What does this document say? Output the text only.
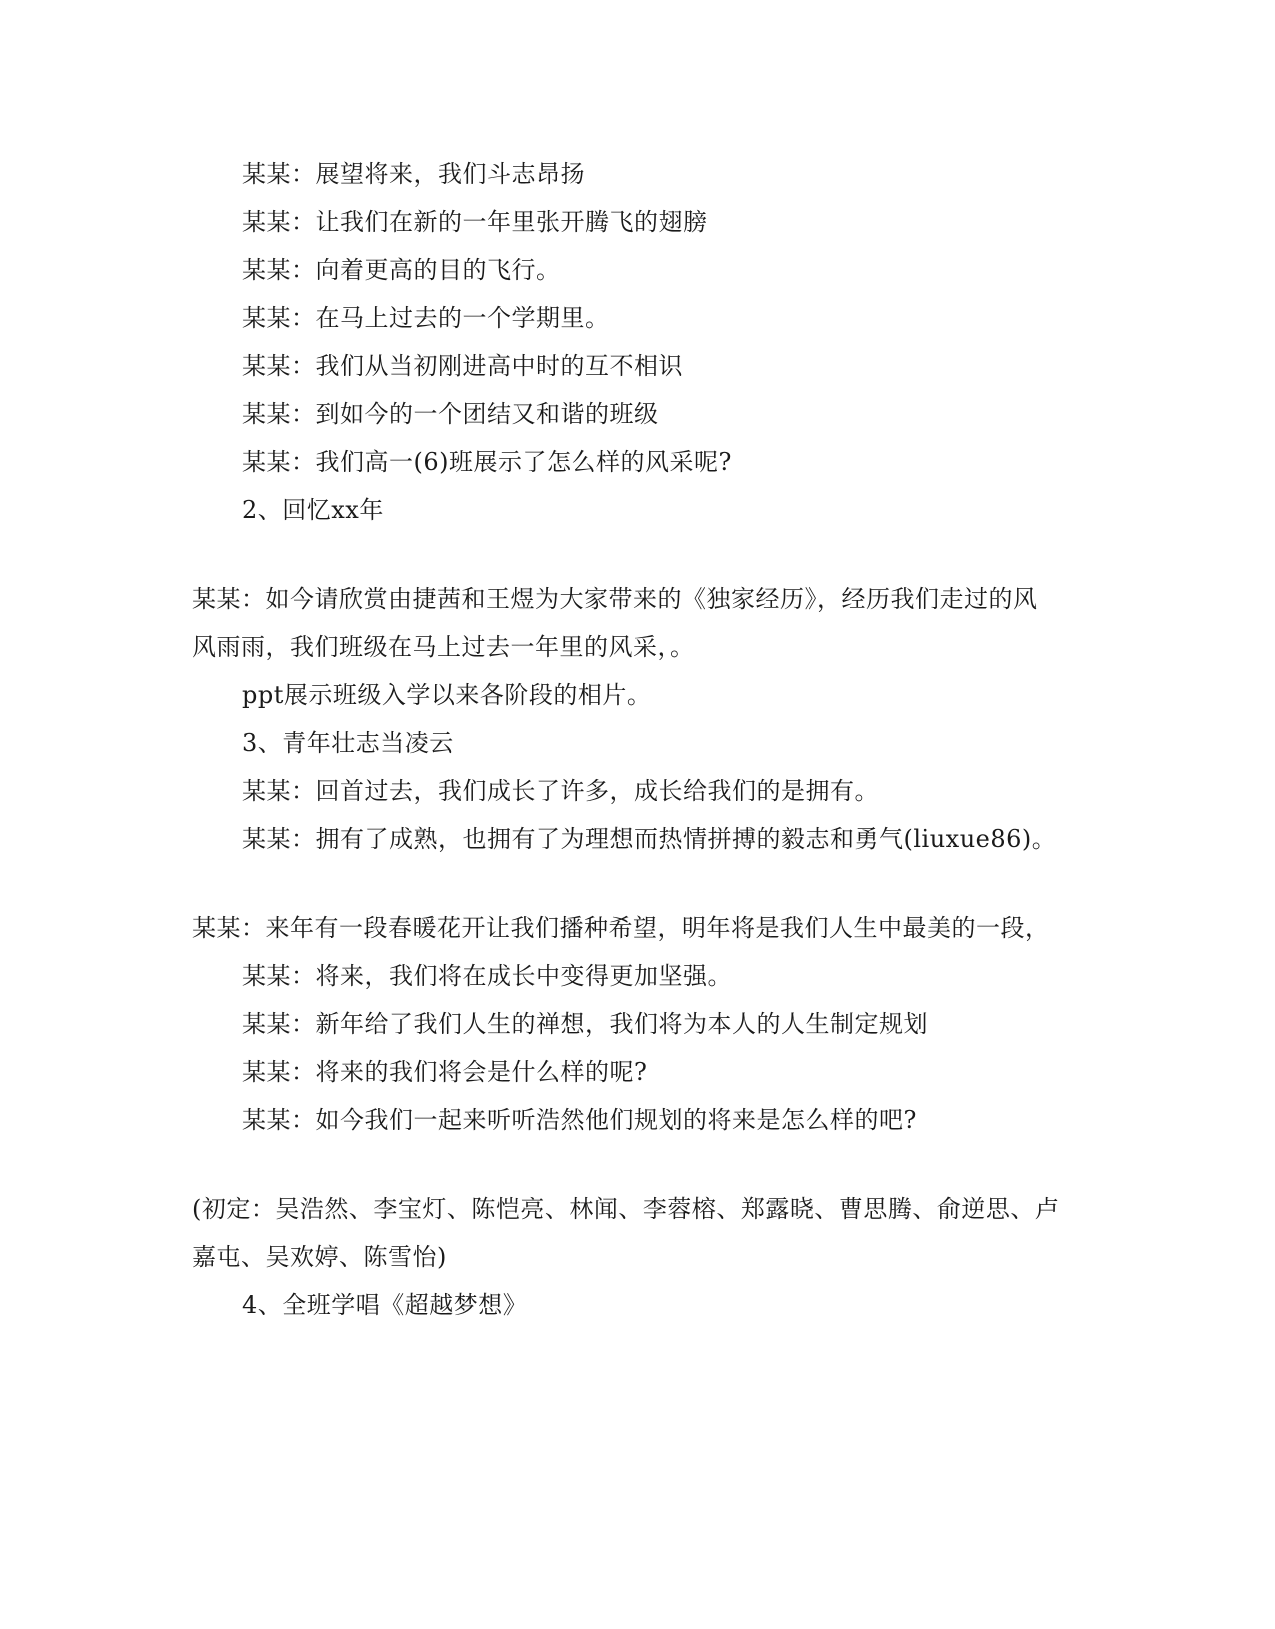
某某：展望将来，我们斗志昂扬
某某：让我们在新的一年里张开腾飞的翅膀
某某：向着更高的目的飞行。
某某：在马上过去的一个学期里。
某某：我们从当初刚进高中时的互不相识
某某：到如今的一个团结又和谐的班级
某某：我们高一(6)班展示了怎么样的风采呢?
2、回忆xx年
某某：如今请欣赏由捷茜和王煜为大家带来的《独家经历》，经历我们走过的风
风雨雨，我们班级在马上过去一年里的风采，。
ppt展示班级入学以来各阶段的相片。
3、青年壮志当凌云
某某：回首过去，我们成长了许多，成长给我们的是拥有。
某某：拥有了成熟，也拥有了为理想而热情拼搏的毅志和勇气(liuxue86)。
某某：来年有一段春暖花开让我们播种希望，明年将是我们人生中最美的一段，
某某：将来，我们将在成长中变得更加坚强。
某某：新年给了我们人生的禅想，我们将为本人的人生制定规划
某某：将来的我们将会是什么样的呢?
某某：如今我们一起来听听浩然他们规划的将来是怎么样的吧?
(初定：吴浩然、李宝灯、陈恺亮、林闻、李蓉榕、郑露晓、曹思腾、俞逆思、卢
嘉屯、吴欢婷、陈雪怡)
4、全班学唱《超越梦想》
